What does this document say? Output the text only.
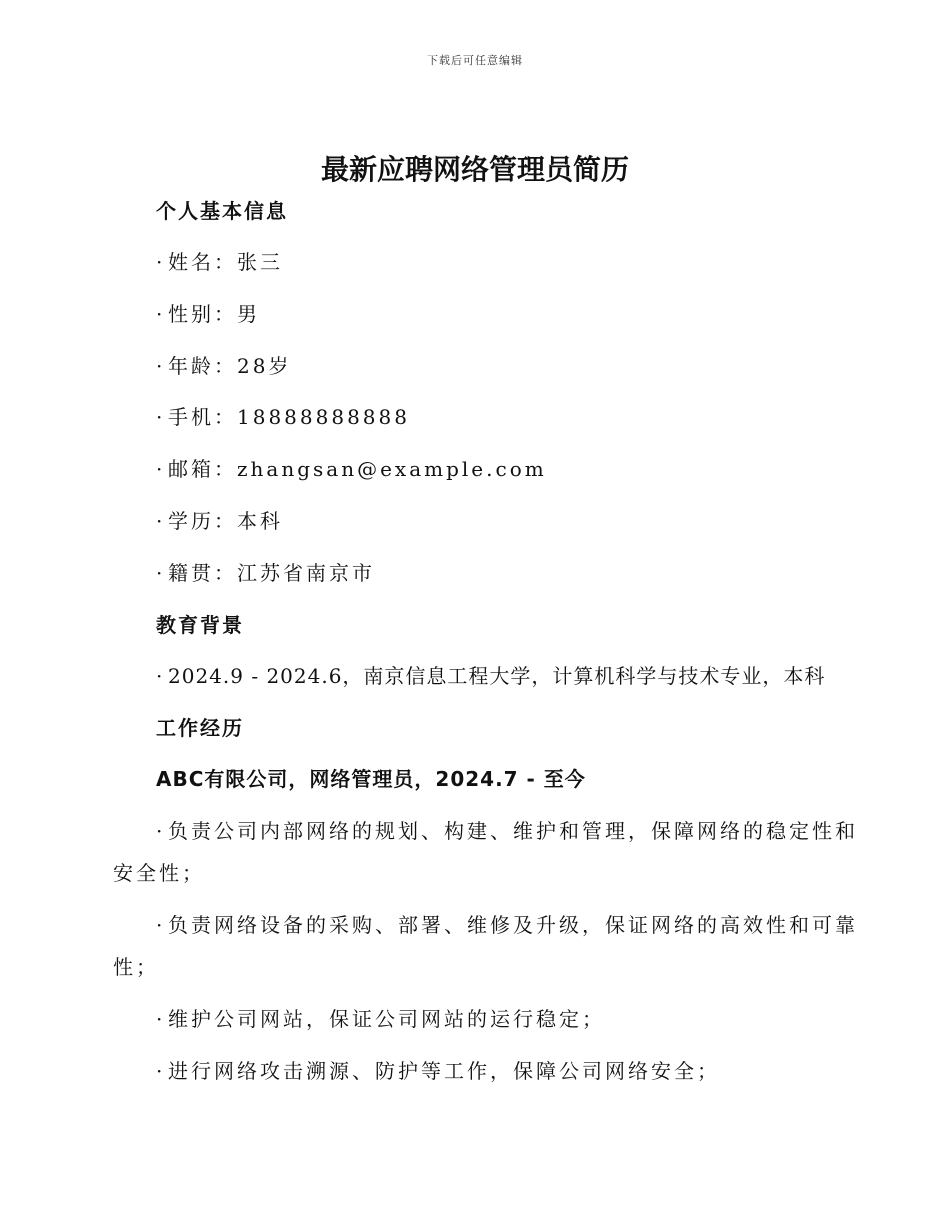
下载后可任意编辑
最新应聘网络管理员简历
个人基本信息
· 姓名：张三
· 性别：男
· 年龄：28岁
· 手机：18888888888
· 邮箱：zhangsan@example.com
· 学历：本科
· 籍贯：江苏省南京市
教育背景
· 2024.9 - 2024.6，南京信息工程大学，计算机科学与技术专业，本科
工作经历
ABC有限公司，网络管理员，2024.7 - 至今
· 负责公司内部网络的规划、构建、维护和管理，保障网络的稳定性和
安全性；
· 负责网络设备的采购、部署、维修及升级，保证网络的高效性和可靠
性；
· 维护公司网站，保证公司网站的运行稳定；
· 进行网络攻击溯源、防护等工作，保障公司网络安全；
